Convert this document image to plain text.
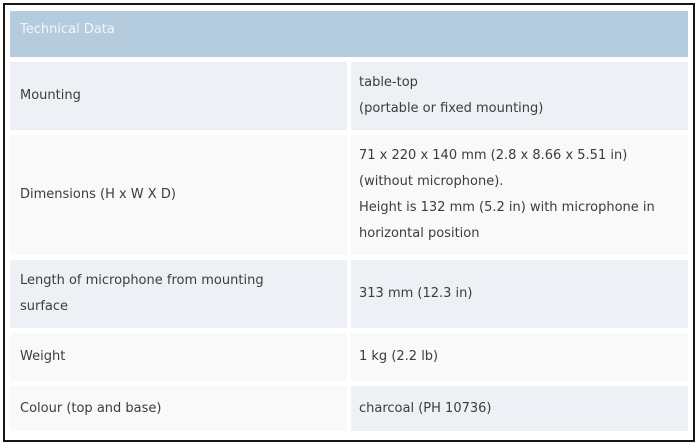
Technical Data	

Mounting	table-top
(portable or fixed mounting)

Dimensions (H x W X D)	71 x 220 x 140 mm (2.8 x 8.66 x 5.51 in)
(without microphone).
Height is 132 mm (5.2 in) with microphone in
horizontal position

Length of microphone from mounting
surface	313 mm (12.3 in)

Weight	1 kg (2.2 lb)

Colour (top and base)	charcoal (PH 10736)
